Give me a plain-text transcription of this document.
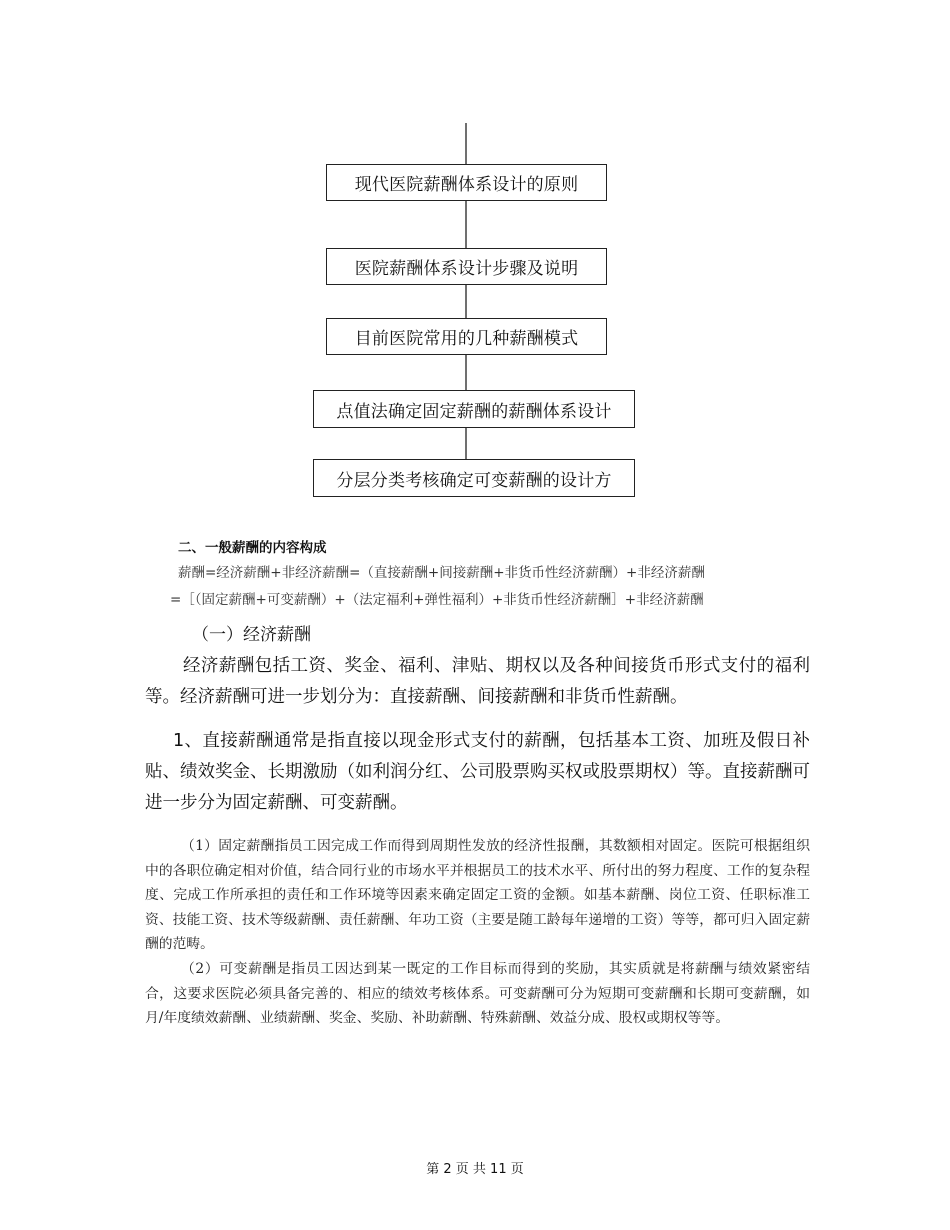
现代医院薪酬体系设计的原则
医院薪酬体系设计步骤及说明
目前医院常用的几种薪酬模式
点值法确定固定薪酬的薪酬体系设计
分层分类考核确定可变薪酬的设计方
二、一般薪酬的内容构成
薪酬=经济薪酬+非经济薪酬=（直接薪酬+间接薪酬+非货币性经济薪酬）+非经济薪酬
=［（固定薪酬+可变薪酬）+（法定福利+弹性福利）+非货币性经济薪酬］+非经济薪酬
（一）经济薪酬
经济薪酬包括工资、奖金、福利、津贴、期权以及各种间接货币形式支付的福利等。经济薪酬可进一步划分为：直接薪酬、间接薪酬和非货币性薪酬。
1、直接薪酬通常是指直接以现金形式支付的薪酬，包括基本工资、加班及假日补贴、绩效奖金、长期激励（如利润分红、公司股票购买权或股票期权）等。直接薪酬可进一步分为固定薪酬、可变薪酬。
（1）固定薪酬指员工因完成工作而得到周期性发放的经济性报酬，其数额相对固定。医院可根据组织中的各职位确定相对价值，结合同行业的市场水平并根据员工的技术水平、所付出的努力程度、工作的复杂程度、完成工作所承担的责任和工作环境等因素来确定固定工资的金额。如基本薪酬、岗位工资、任职标准工资、技能工资、技术等级薪酬、责任薪酬、年功工资（主要是随工龄每年递增的工资）等等，都可归入固定薪酬的范畴。
（2）可变薪酬是指员工因达到某一既定的工作目标而得到的奖励，其实质就是将薪酬与绩效紧密结合，这要求医院必须具备完善的、相应的绩效考核体系。可变薪酬可分为短期可变薪酬和长期可变薪酬，如月/年度绩效薪酬、业绩薪酬、奖金、奖励、补助薪酬、特殊薪酬、效益分成、股权或期权等等。
第 2 页 共 11 页
